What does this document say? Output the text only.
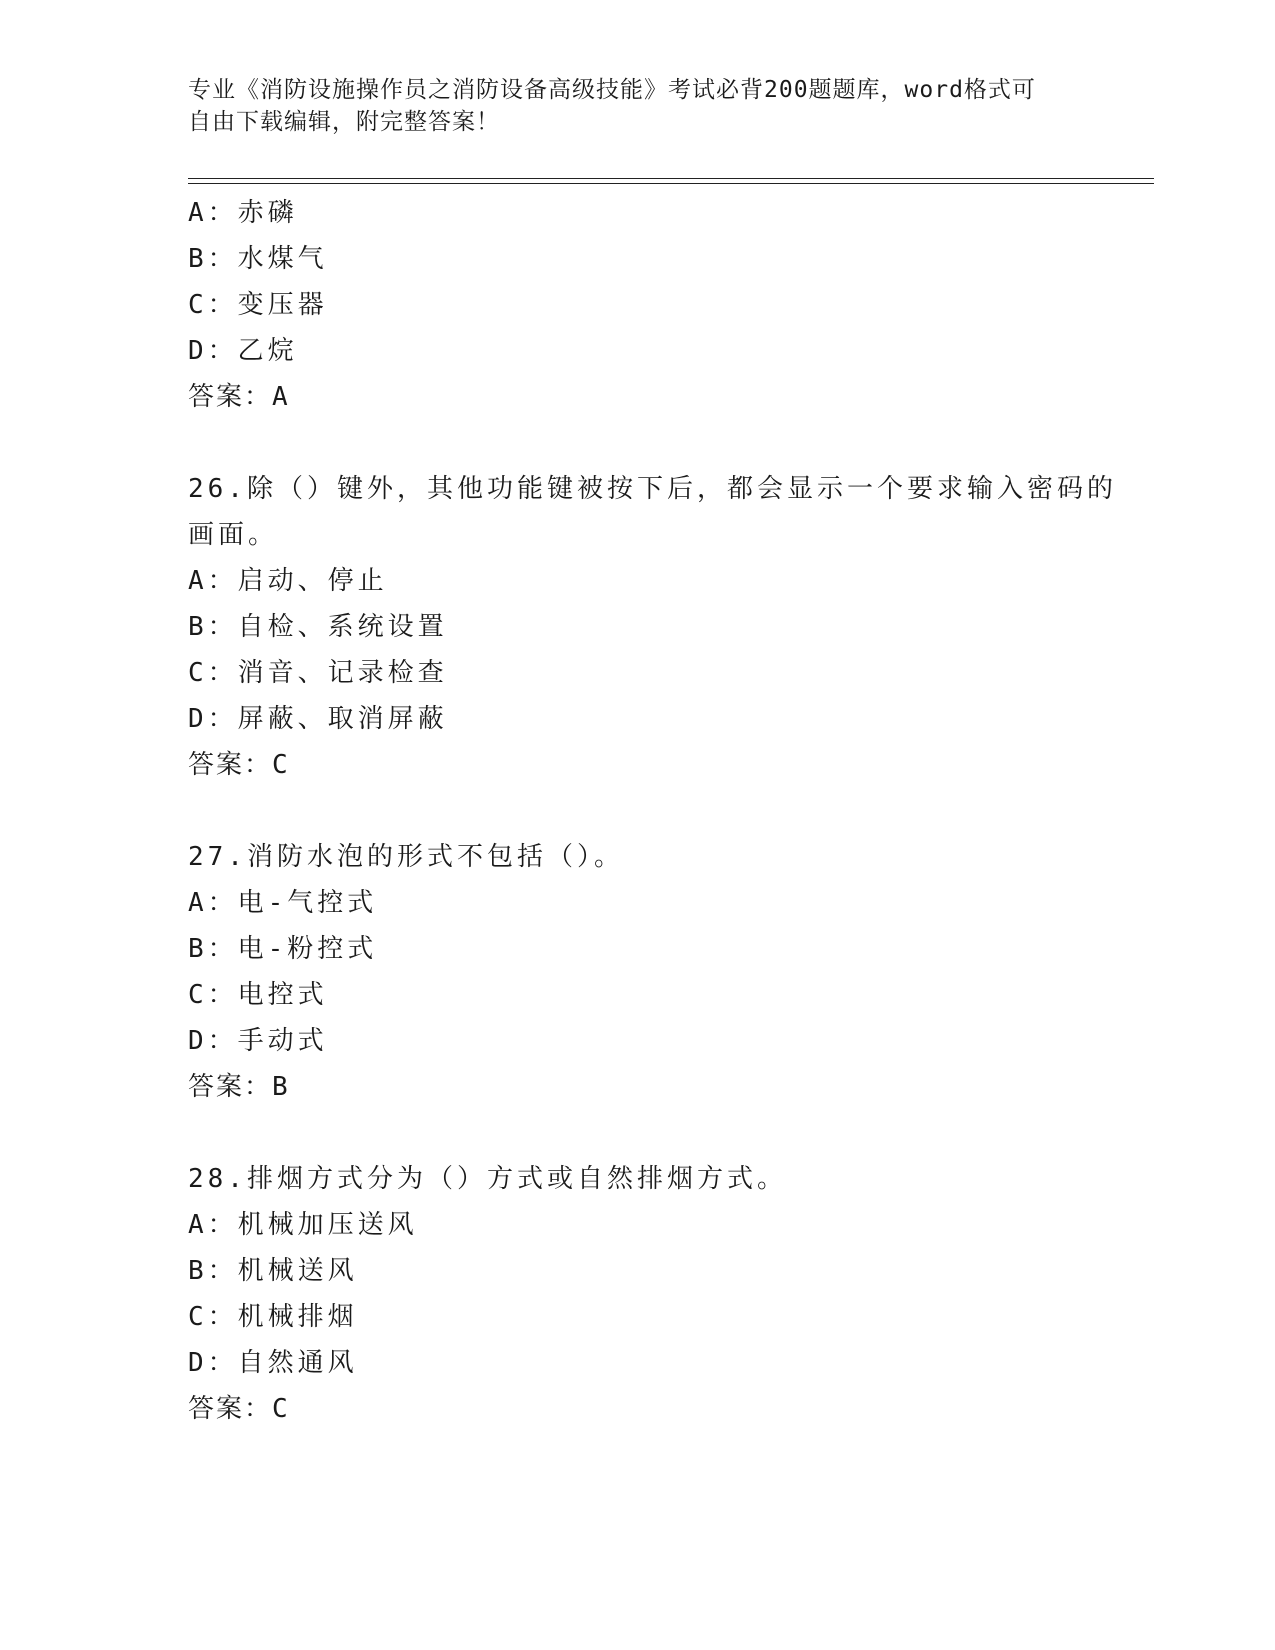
专业《消防设施操作员之消防设备高级技能》考试必背200题题库，word格式可
自由下载编辑，附完整答案！
A：赤磷
B：水煤气
C：变压器
D：乙烷
答案：A
26.除（）键外，其他功能键被按下后，都会显示一个要求输入密码的
画面。
A：启动、停止
B：自检、系统设置
C：消音、记录检查
D：屏蔽、取消屏蔽
答案：C
27.消防水泡的形式不包括（）。
A：电-气控式
B：电-粉控式
C：电控式
D：手动式
答案：B
28.排烟方式分为（）方式或自然排烟方式。
A：机械加压送风
B：机械送风
C：机械排烟
D：自然通风
答案：C
